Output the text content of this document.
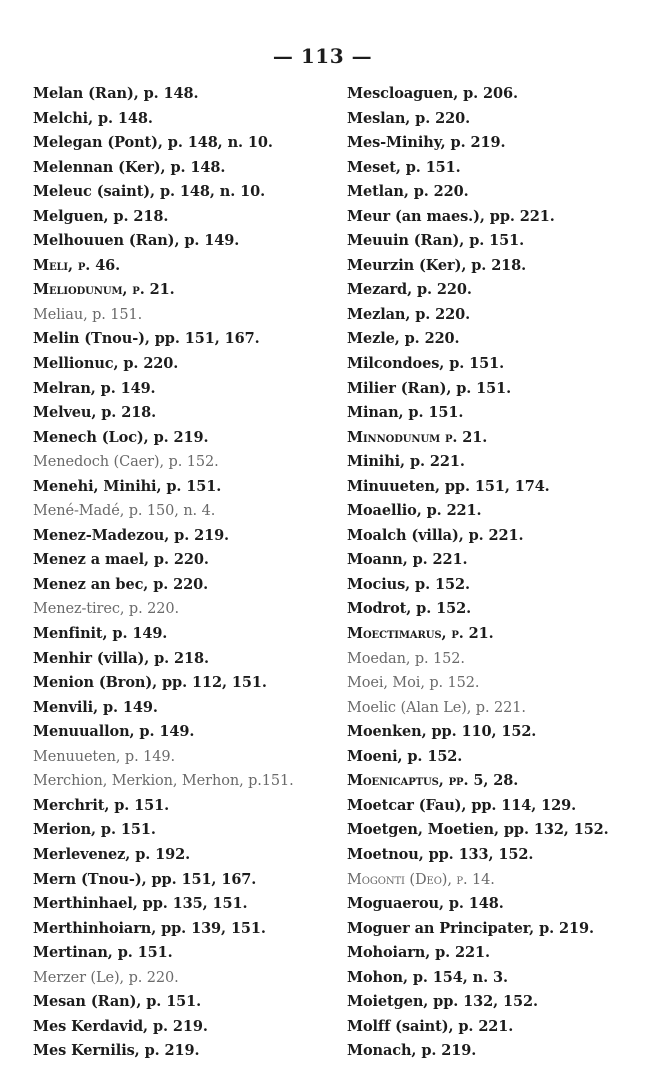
— 113 —
Melan (Ran), p. 148.
Melchi, p. 148.
Melegan (Pont), p. 148, n. 10.
Melennan (Ker), p. 148.
Meleuc (saint), p. 148, n. 10.
Melguen, p. 218.
Melhouuen (Ran), p. 149.
Meli, p. 46.
Meliodunum, p. 21.
Meliau, p. 151.
Melin (Tnou-), pp. 151, 167.
Mellionuc, p. 220.
Melran, p. 149.
Melveu, p. 218.
Menech (Loc), p. 219.
Menedoch (Caer), p. 152.
Menehi, Minihi, p. 151.
Mené-Madé, p. 150, n. 4.
Menez-Madezou, p. 219.
Menez a mael, p. 220.
Menez an bec, p. 220.
Menez-tirec, p. 220.
Menfinit, p. 149.
Menhir (villa), p. 218.
Menion (Bron), pp. 112, 151.
Menvili, p. 149.
Menuuallon, p. 149.
Menuueten, p. 149.
Merchion, Merkion, Merhon, p.151.
Merchrit, p. 151.
Merion, p. 151.
Merlevenez, p. 192.
Mern (Tnou-), pp. 151, 167.
Merthinhael, pp. 135, 151.
Merthinhoiarn, pp. 139, 151.
Mertinan, p. 151.
Merzer (Le), p. 220.
Mesan (Ran), p. 151.
Mes Kerdavid, p. 219.
Mes Kernilis, p. 219.
Mescloaguen, p. 206.
Meslan, p. 220.
Mes-Minihy, p. 219.
Meset, p. 151.
Metlan, p. 220.
Meur (an maes.), pp. 221.
Meuuin (Ran), p. 151.
Meurzin (Ker), p. 218.
Mezard, p. 220.
Mezlan, p. 220.
Mezle, p. 220.
Milcondoes, p. 151.
Milier (Ran), p. 151.
Minan, p. 151.
Minnodunum p. 21.
Minihi, p. 221.
Minuueten, pp. 151, 174.
Moaellio, p. 221.
Moalch (villa), p. 221.
Moann, p. 221.
Mocius, p. 152.
Modrot, p. 152.
Moectimarus, p. 21.
Moedan, p. 152.
Moei, Moi, p. 152.
Moelic (Alan Le), p. 221.
Moenken, pp. 110, 152.
Moeni, p. 152.
Moenicaptus, pp. 5, 28.
Moetcar (Fau), pp. 114, 129.
Moetgen, Moetien, pp. 132, 152.
Moetnou, pp. 133, 152.
Mogonti (Deo), p. 14.
Moguaerou, p. 148.
Moguer an Principater, p. 219.
Mohoiarn, p. 221.
Mohon, p. 154, n. 3.
Moietgen, pp. 132, 152.
Molff (saint), p. 221.
Monach, p. 219.
